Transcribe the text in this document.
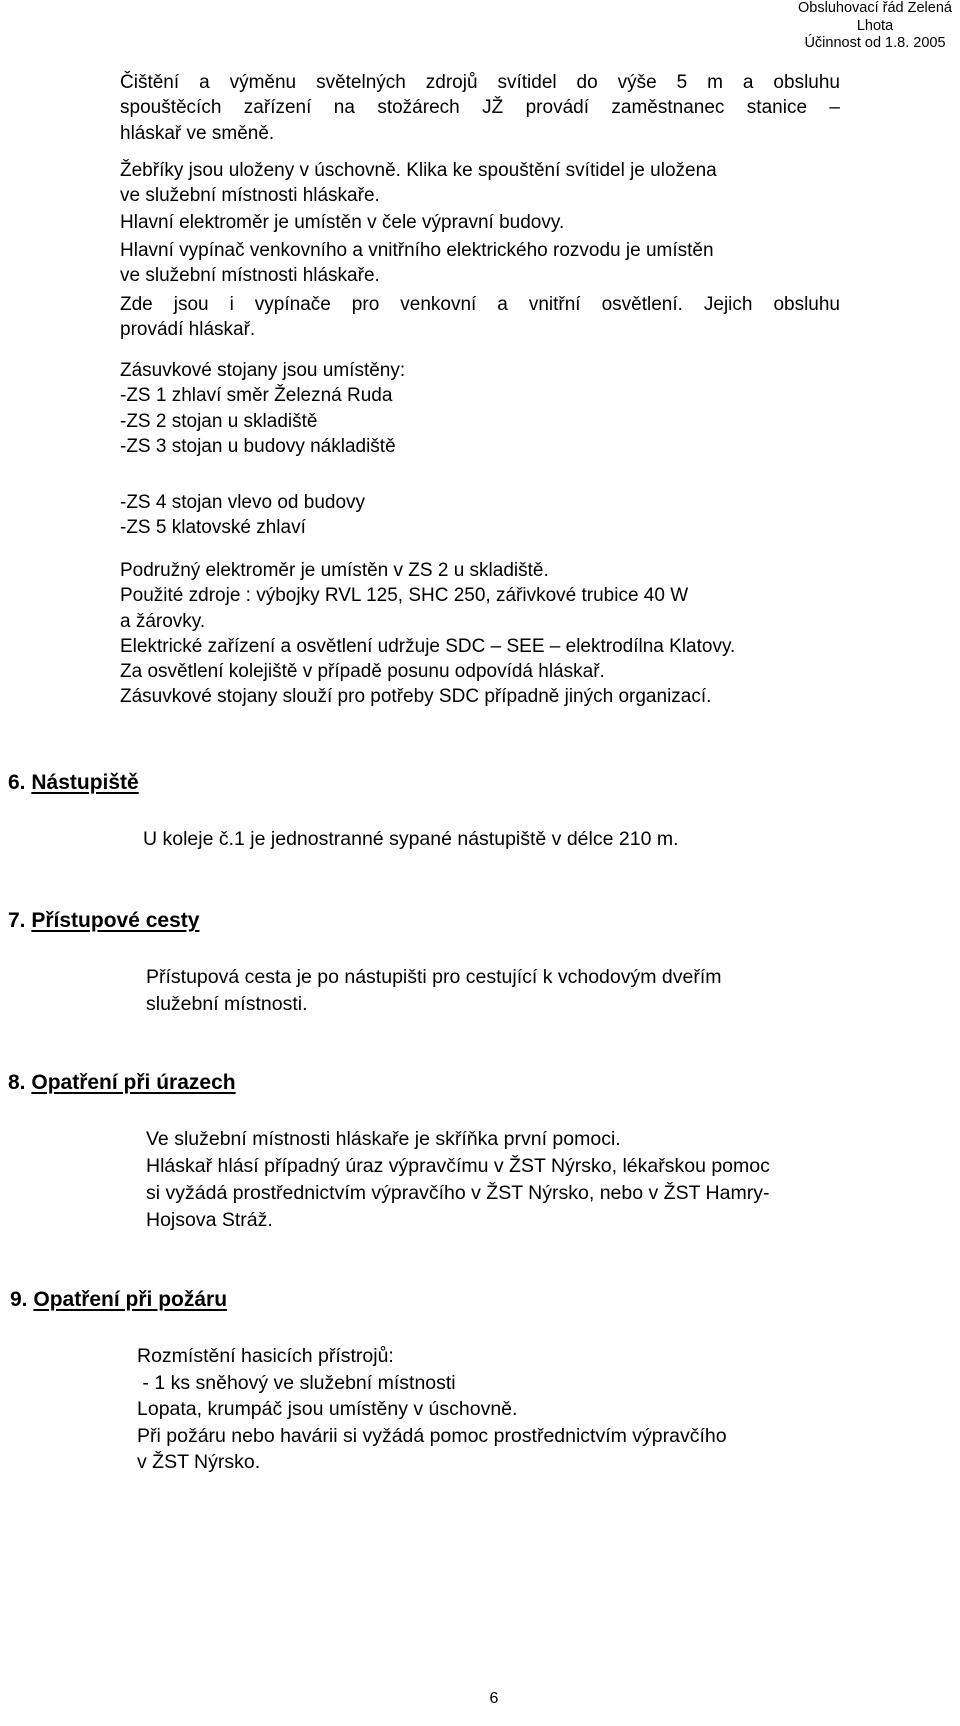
Obsluhovací řád Zelená
Lhota
Účinnost od 1.8. 2005
Čištění a výměnu světelných zdrojů svítidel do výše 5 m a obsluhu
spouštěcích zařízení na stožárech JŽ provádí zaměstnanec stanice –
hláskař ve směně.
Žebříky jsou uloženy v úschovně. Klika ke spouštění svítidel je uložena
ve služební místnosti hláskaře.
Hlavní elektroměr je umístěn v čele výpravní budovy.
Hlavní vypínač venkovního a vnitřního elektrického rozvodu je umístěn
ve služební místnosti hláskaře.
Zde jsou i vypínače pro venkovní a vnitřní osvětlení. Jejich obsluhu
provádí hláskař.
Zásuvkové stojany jsou umístěny:
-ZS 1 zhlaví směr Železná Ruda
-ZS 2 stojan u skladiště
-ZS 3 stojan u budovy nákladiště
-ZS 4 stojan vlevo od budovy
-ZS 5 klatovské zhlaví
Podružný elektroměr je umístěn v ZS 2 u skladiště.
Použité zdroje : výbojky RVL 125, SHC 250, zářivkové trubice 40 W
a žárovky.
Elektrické zařízení a osvětlení udržuje SDC – SEE – elektrodílna Klatovy.
Za osvětlení kolejiště v případě posunu odpovídá hláskař.
Zásuvkové stojany slouží pro potřeby SDC případně jiných organizací.
6. Nástupiště
U koleje č.1 je jednostranné sypané nástupiště v délce 210 m.
7. Přístupové cesty
Přístupová cesta je po nástupišti pro cestující k vchodovým dveřím
služební místnosti.
8. Opatření při úrazech
Ve služební místnosti hláskaře je skříňka první pomoci.
Hláskař hlásí případný úraz výpravčímu v ŽST Nýrsko, lékařskou pomoc
si vyžádá prostřednictvím výpravčího v ŽST Nýrsko, nebo v ŽST Hamry-
Hojsova Stráž.
9. Opatření při požáru
Rozmístění hasicích přístrojů:
- 1 ks sněhový ve služební místnosti
Lopata, krumpáč jsou umístěny v úschovně.
Při požáru nebo havárii si vyžádá pomoc prostřednictvím výpravčího
v ŽST Nýrsko.
6
